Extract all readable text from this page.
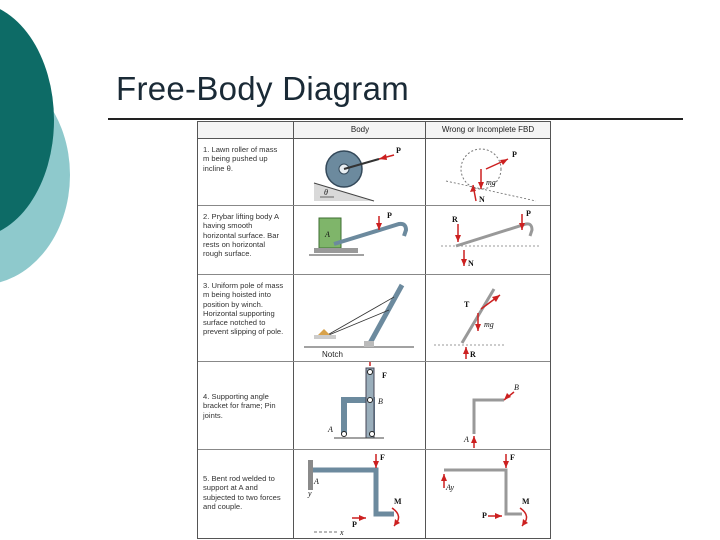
Free-Body Diagram
Body	Wrong or Incomplete FBD
1. Lawn roller of mass m being pushed up incline θ.
P
θ
P
mg
N
2. Prybar lifting body A having smooth horizontal surface. Bar rests on horizontal rough surface.
A
P	R
P
N
3. Uniform pole of mass m being hoisted into position by winch. Horizontal supporting surface notched to prevent slipping of pole.
Notch
T
mg
R
4. Supporting angle bracket for frame; Pin joints.
F
B
A
B
A
5. Bent rod welded to support at A and subjected to two forces and couple.
F
A
y
M
P
x
F
Ay
M
P
